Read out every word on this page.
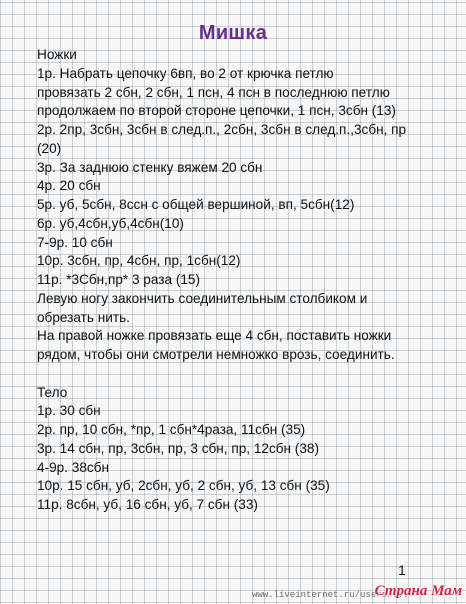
Мишка
Ножки
1р. Набрать цепочку 6вп, во 2 от крючка петлю
провязать 2 сбн, 2 сбн, 1 псн, 4 псн в последнюю петлю
продолжаем по второй стороне цепочки, 1 псн, 3сбн (13)
2р. 2пр, 3сбн, 3сбн в след.п., 2сбн, 3сбн в след.п.,3сбн, пр
(20)
3р. За заднюю стенку вяжем 20 сбн
4р. 20 сбн
5р. уб, 5сбн, 8ссн с общей вершиной, вп, 5сбн(12)
6р. уб,4сбн,уб,4сбн(10)
7-9р. 10 сбн
10р. 3сбн, пр, 4сбн, пр, 1сбн(12)
11р. *3Сбн,пр* 3 раза (15)
Левую ногу закончить соединительным столбиком и
обрезать нить.
На правой ножке провязать еще 4 сбн, поставить ножки
рядом, чтобы они смотрели немножко врозь, соединить.
Тело
1р. 30 сбн
2р. пр, 10 сбн, *пр, 1 сбн*4раза, 11сбн (35)
3р. 14 сбн, пр, 3сбн, пр, 3 сбн, пр, 12сбн (38)
4-9р. 38сбн
10р. 15 сбн, уб, 2сбн, уб, 2 сбн, уб, 13 сбн (35)
11р. 8сбн, уб, 16 сбн, уб, 7 сбн (33)
1
www.liveinternet.ru/users/...
Страна Мам
